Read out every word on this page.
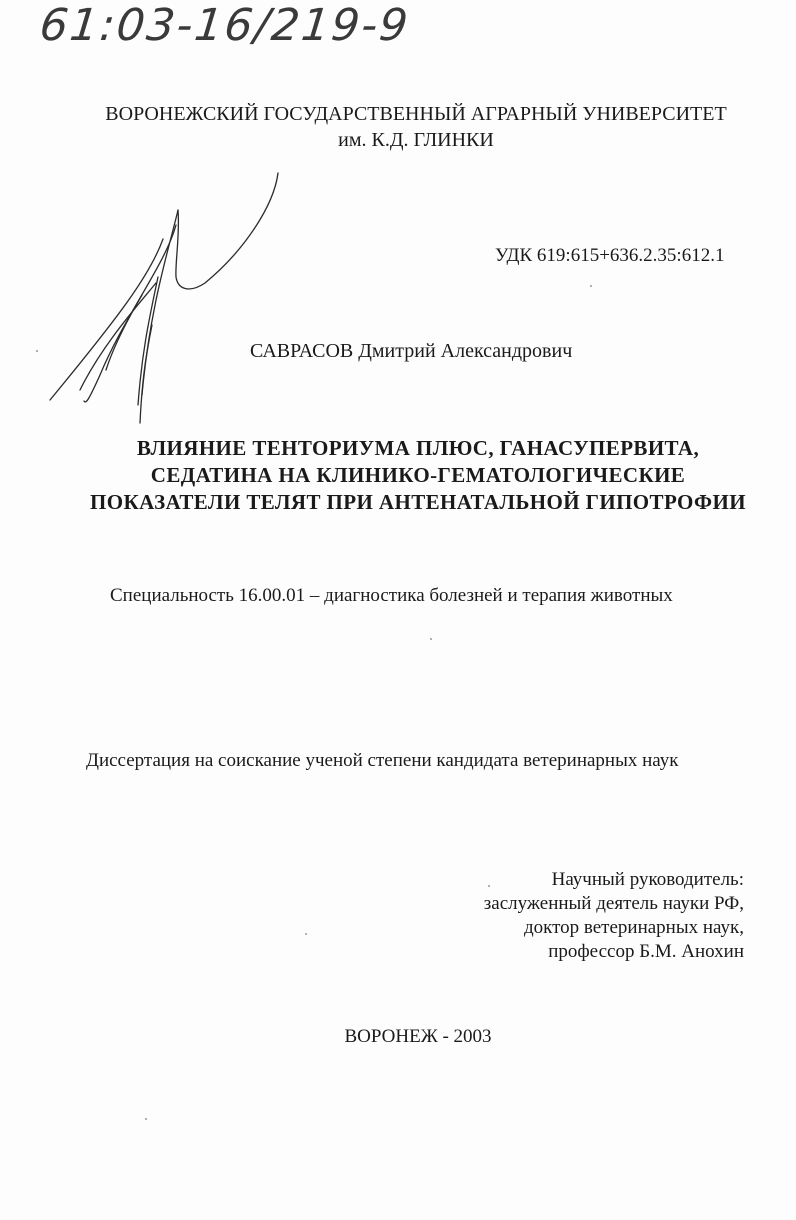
61:03-16/219-9
ВОРОНЕЖСКИЙ ГОСУДАРСТВЕННЫЙ АГРАРНЫЙ УНИВЕРСИТЕТ
им. К.Д. ГЛИНКИ
УДК 619:615+636.2.35:612.1
САВРАСОВ Дмитрий Александрович
ВЛИЯНИЕ ТЕНТОРИУМА ПЛЮС, ГАНАСУПЕРВИТА,
СЕДАТИНА НА КЛИНИКО-ГЕМАТОЛОГИЧЕСКИЕ
ПОКАЗАТЕЛИ ТЕЛЯТ ПРИ АНТЕНАТАЛЬНОЙ ГИПОТРОФИИ
Специальность 16.00.01 – диагностика болезней и терапия животных
Диссертация на соискание ученой степени кандидата ветеринарных наук
Научный руководитель:
заслуженный деятель науки РФ,
доктор ветеринарных наук,
профессор Б.М. Анохин
ВОРОНЕЖ - 2003
